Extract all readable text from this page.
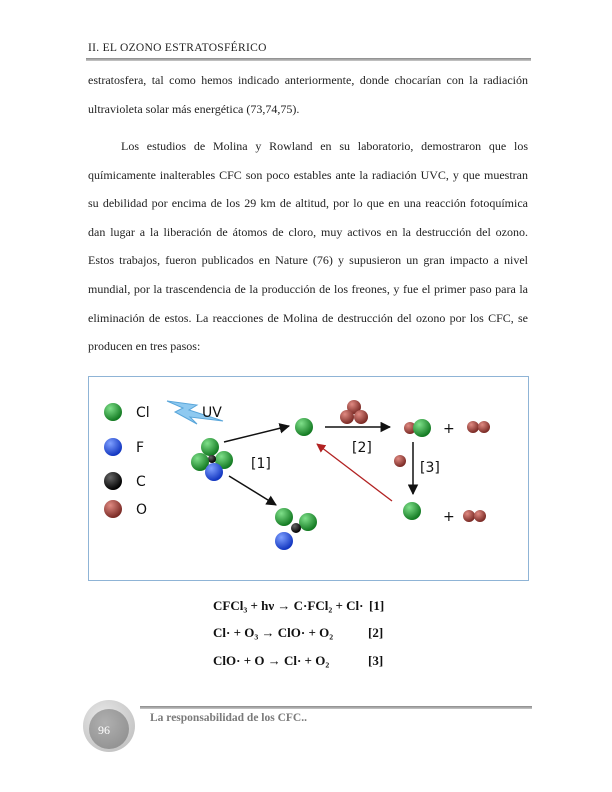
II. EL OZONO ESTRATOSFÉRICO

estratosfera, tal como hemos indicado anteriormente, donde chocarían con la radiación ultravioleta solar más energética (73,74,75).

Los estudios de Molina y Rowland en su laboratorio, demostraron que los químicamente inalterables CFC son poco estables ante la radiación UVC, y que muestran su debilidad por encima de los 29 km de altitud, por lo que en una reacción fotoquímica dan lugar a la liberación de átomos de cloro, muy activos en la destrucción del ozono. Estos trabajos, fueron publicados en Nature (76) y supusieron un gran impacto a nivel mundial, por la trascendencia de la producción de los freones, y fue el primer paso para la eliminación de estos. La reacciones de Molina de destrucción del ozono por los CFC, se producen en tres pasos:

Cl
F
C
O
UV
[1]
[2]
+
[3]
+
CFCl₃ + hν → C·FCl₂ + Cl· [1]
Cl· + O₃ → ClO· + O₂	[2]
ClO· + O → Cl· + O₂	[3]
96
La responsabilidad de los CFC..
